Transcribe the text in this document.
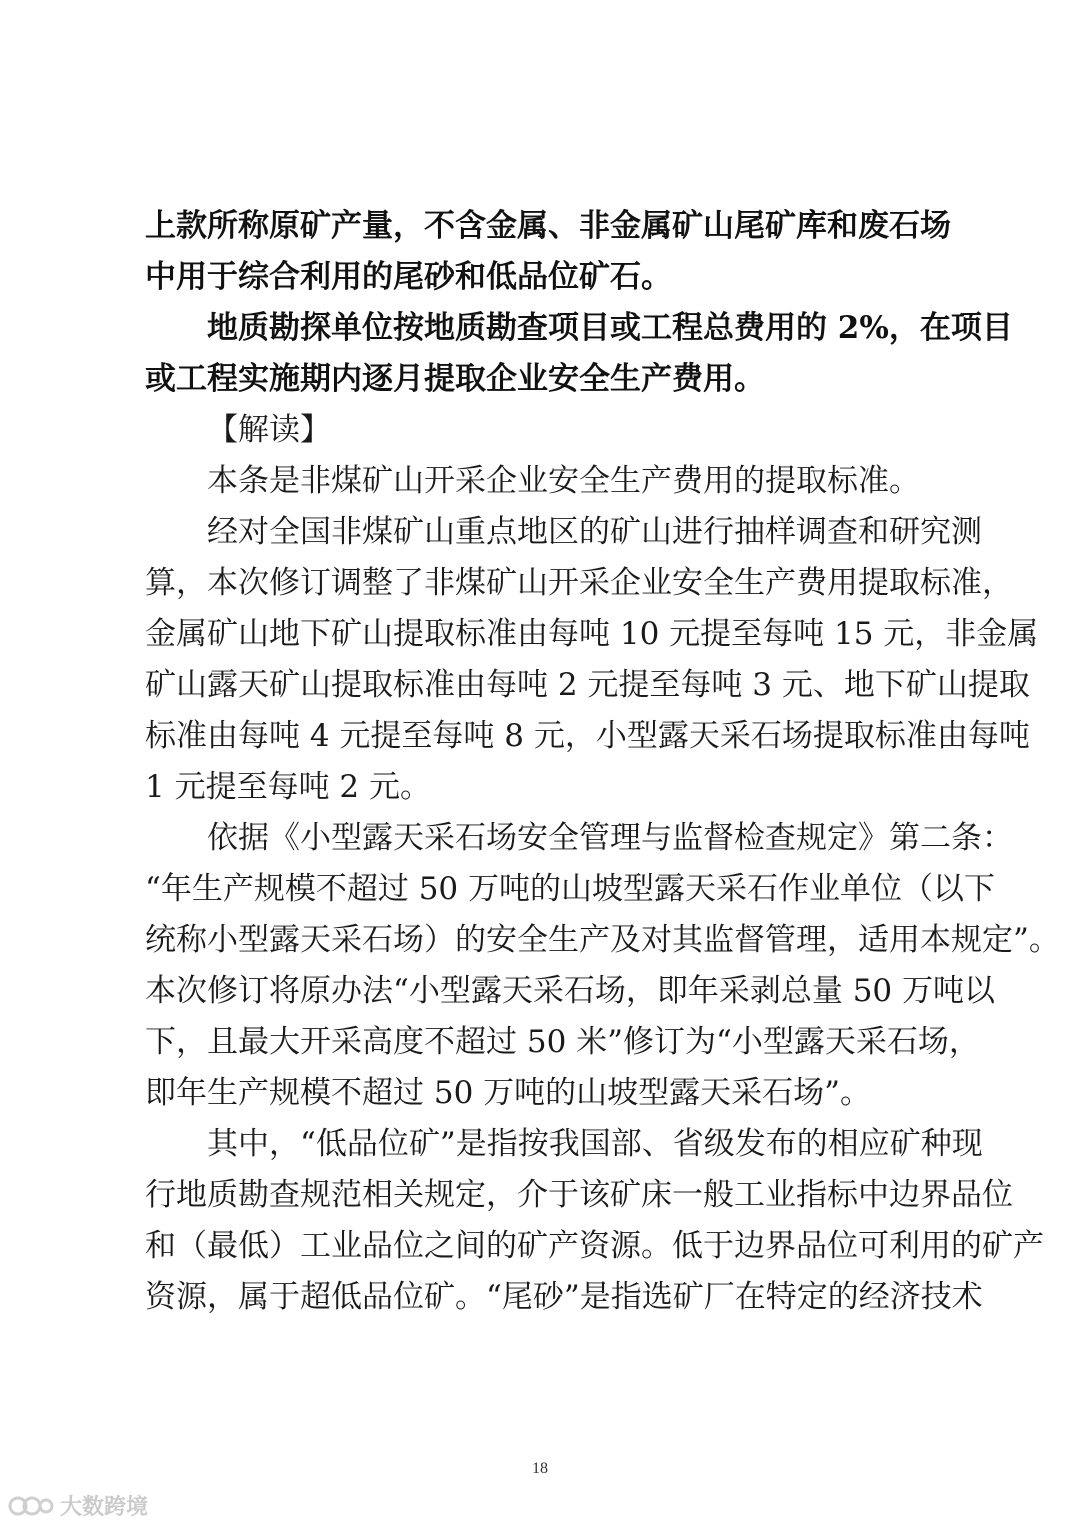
上款所称原矿产量，不含金属、非金属矿山尾矿库和废石场
中用于综合利用的尾砂和低品位矿石。
地质勘探单位按地质勘查项目或工程总费用的 2%，在项目
或工程实施期内逐月提取企业安全生产费用。
【解读】
本条是非煤矿山开采企业安全生产费用的提取标准。
经对全国非煤矿山重点地区的矿山进行抽样调查和研究测
算，本次修订调整了非煤矿山开采企业安全生产费用提取标准，
金属矿山地下矿山提取标准由每吨 10 元提至每吨 15 元，非金属
矿山露天矿山提取标准由每吨 2 元提至每吨 3 元、地下矿山提取
标准由每吨 4 元提至每吨 8 元，小型露天采石场提取标准由每吨
1 元提至每吨 2 元。
依据《小型露天采石场安全管理与监督检查规定》第二条：
“年生产规模不超过 50 万吨的山坡型露天采石作业单位（以下
统称小型露天采石场）的安全生产及对其监督管理，适用本规定”。
本次修订将原办法“小型露天采石场，即年采剥总量 50 万吨以
下，且最大开采高度不超过 50 米”修订为“小型露天采石场，
即年生产规模不超过 50 万吨的山坡型露天采石场”。
其中，“低品位矿”是指按我国部、省级发布的相应矿种现
行地质勘查规范相关规定，介于该矿床一般工业指标中边界品位
和（最低）工业品位之间的矿产资源。低于边界品位可利用的矿产
资源，属于超低品位矿。“尾砂”是指选矿厂在特定的经济技术
18
大数跨境
